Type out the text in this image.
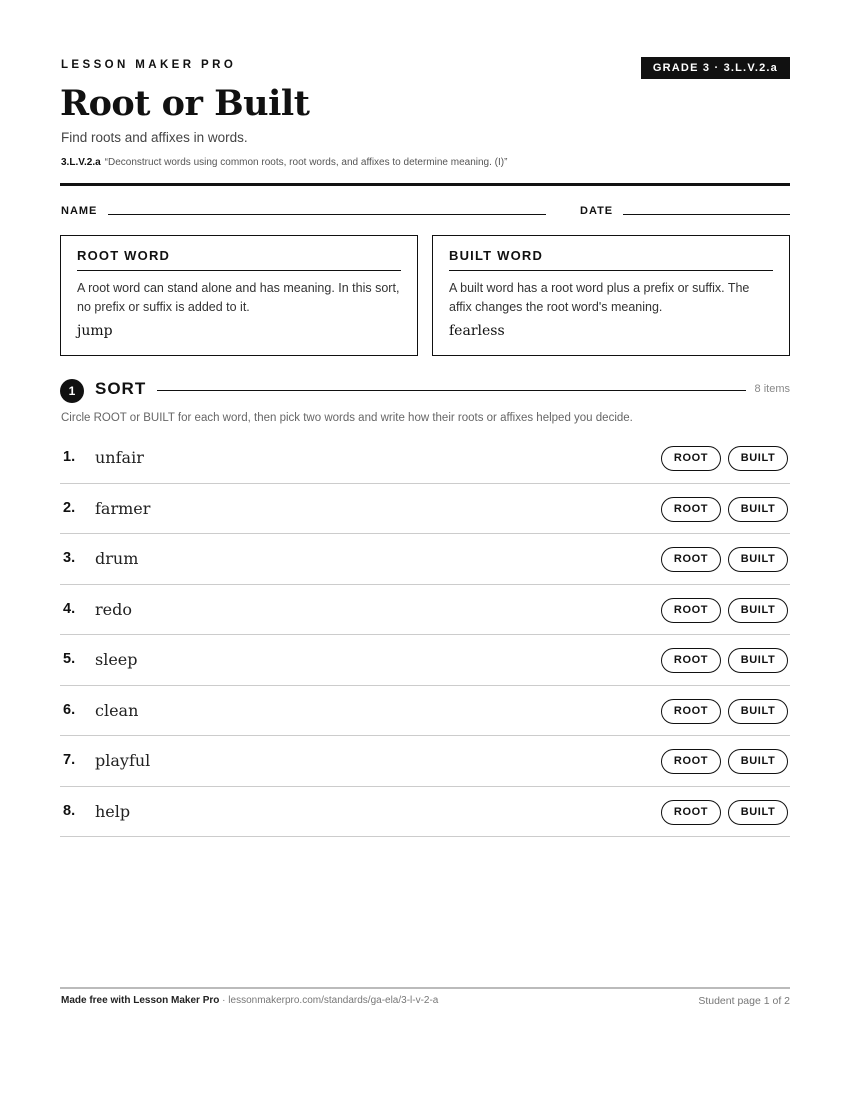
LESSON MAKER PRO	GRADE 3 · 3.L.V.2.a
Root or Built
Find roots and affixes in words.
3.L.V.2.a “Deconstruct words using common roots, root words, and affixes to determine meaning. (I)”
NAME	DATE
ROOT WORD
A root word can stand alone and has meaning. In this sort, no prefix or suffix is added to it.
jump
BUILT WORD
A built word has a root word plus a prefix or suffix. The affix changes the root word's meaning.
fearless
1	SORT	8 items
Circle ROOT or BUILT for each word, then pick two words and write how their roots or affixes helped you decide.
1. unfair	ROOT	BUILT
2. farmer	ROOT	BUILT
3. drum	ROOT	BUILT
4. redo	ROOT	BUILT
5. sleep	ROOT	BUILT
6. clean	ROOT	BUILT
7. playful	ROOT	BUILT
8. help	ROOT	BUILT
Made free with Lesson Maker Pro · lessonmakerpro.com/standards/ga-ela/3-l-v-2-a	Student page 1 of 2
